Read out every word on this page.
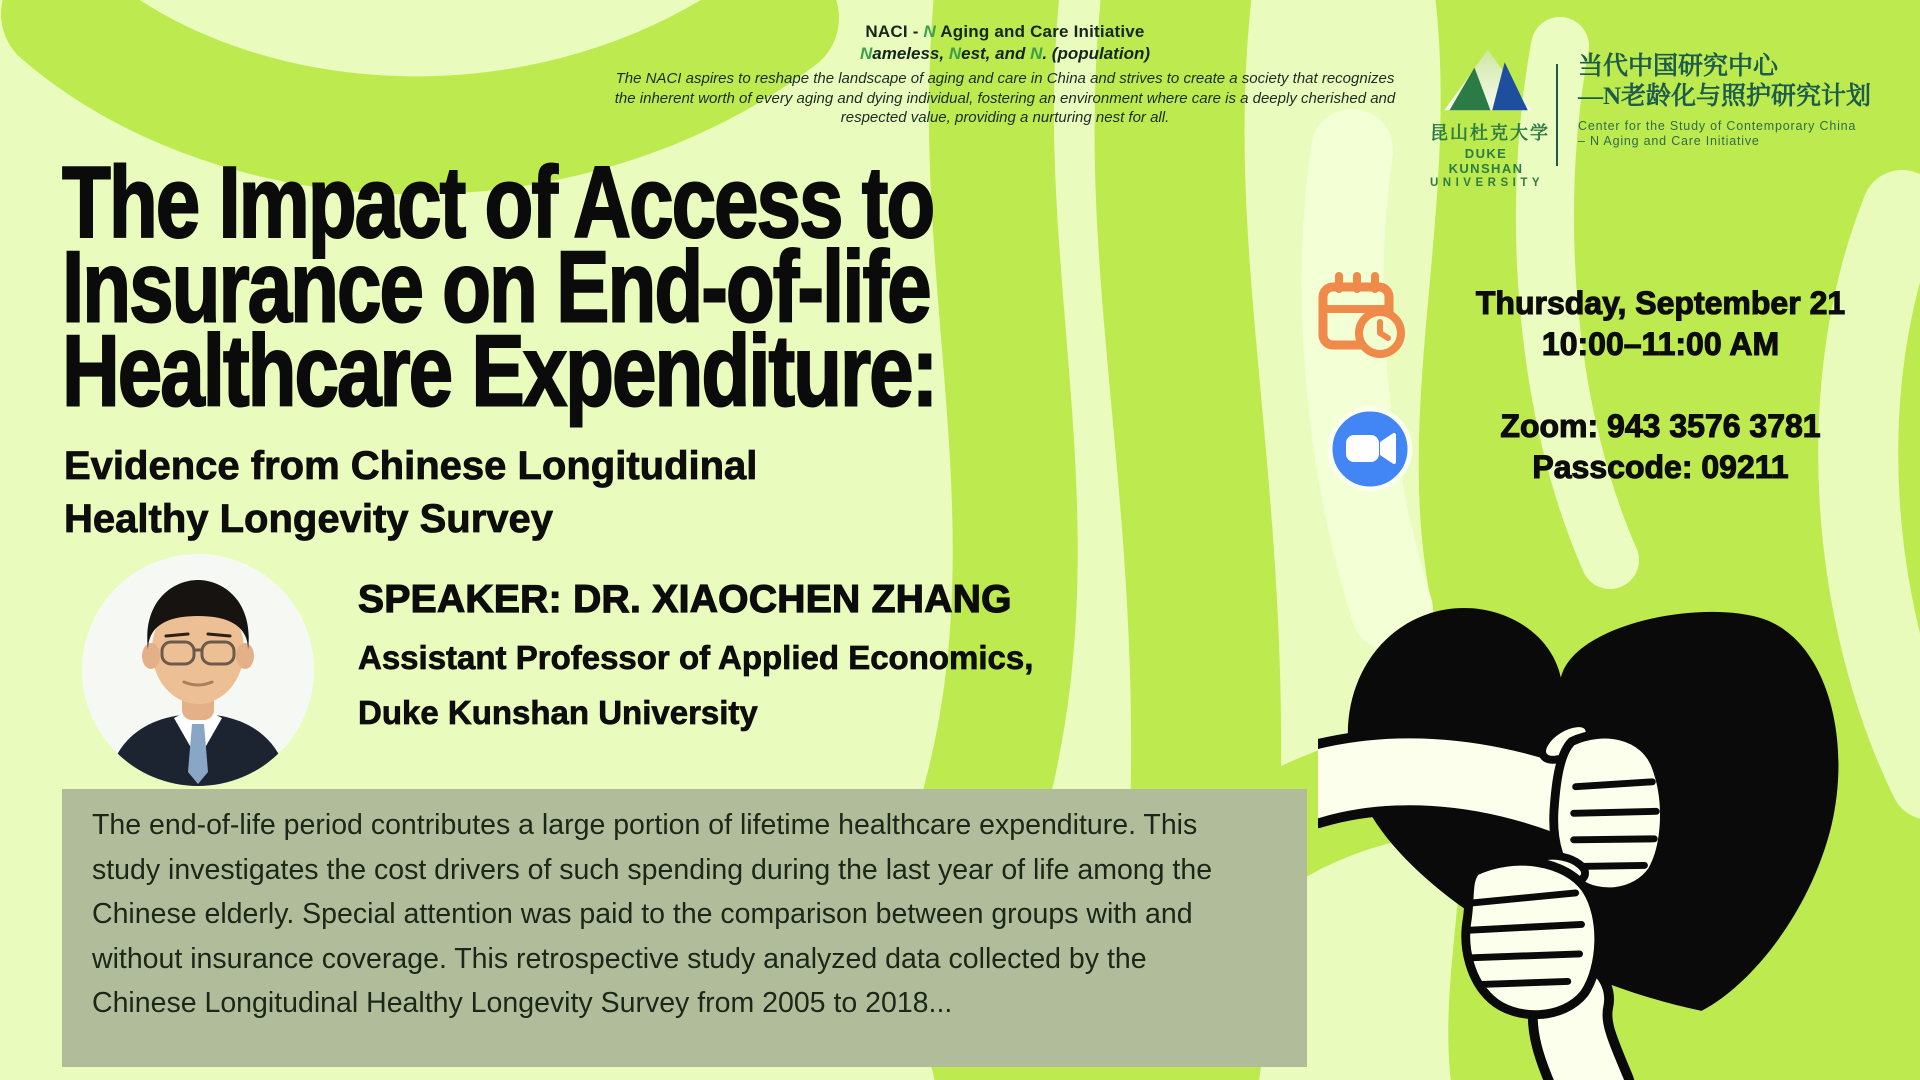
NACI - N Aging and Care Initiative
Nameless, Nest, and N. (population)
The NACI aspires to reshape the landscape of aging and care in China and strives to create a society that recognizes the inherent worth of every aging and dying individual, fostering an environment where care is a deeply cherished and respected value, providing a nurturing nest for all.
昆山杜克大学
DUKE KUNSHAN
UNIVERSITY
当代中国研究中心
—N老龄化与照护研究计划
Center for the Study of Contemporary China
– N Aging and Care Initiative
The Impact of Access to
Insurance on End-of-life
Healthcare Expenditure:
Evidence from Chinese Longitudinal
Healthy Longevity Survey
Thursday, September 21
10:00–11:00 AM
Zoom: 943 3576 3781
Passcode: 09211
SPEAKER: DR. XIAOCHEN ZHANG
Assistant Professor of Applied Economics,
Duke Kunshan University
The end-of-life period contributes a large portion of lifetime healthcare expenditure. This study investigates the cost drivers of such spending during the last year of life among the Chinese elderly. Special attention was paid to the comparison between groups with and without insurance coverage. This retrospective study analyzed data collected by the Chinese Longitudinal Healthy Longevity Survey from 2005 to 2018...
